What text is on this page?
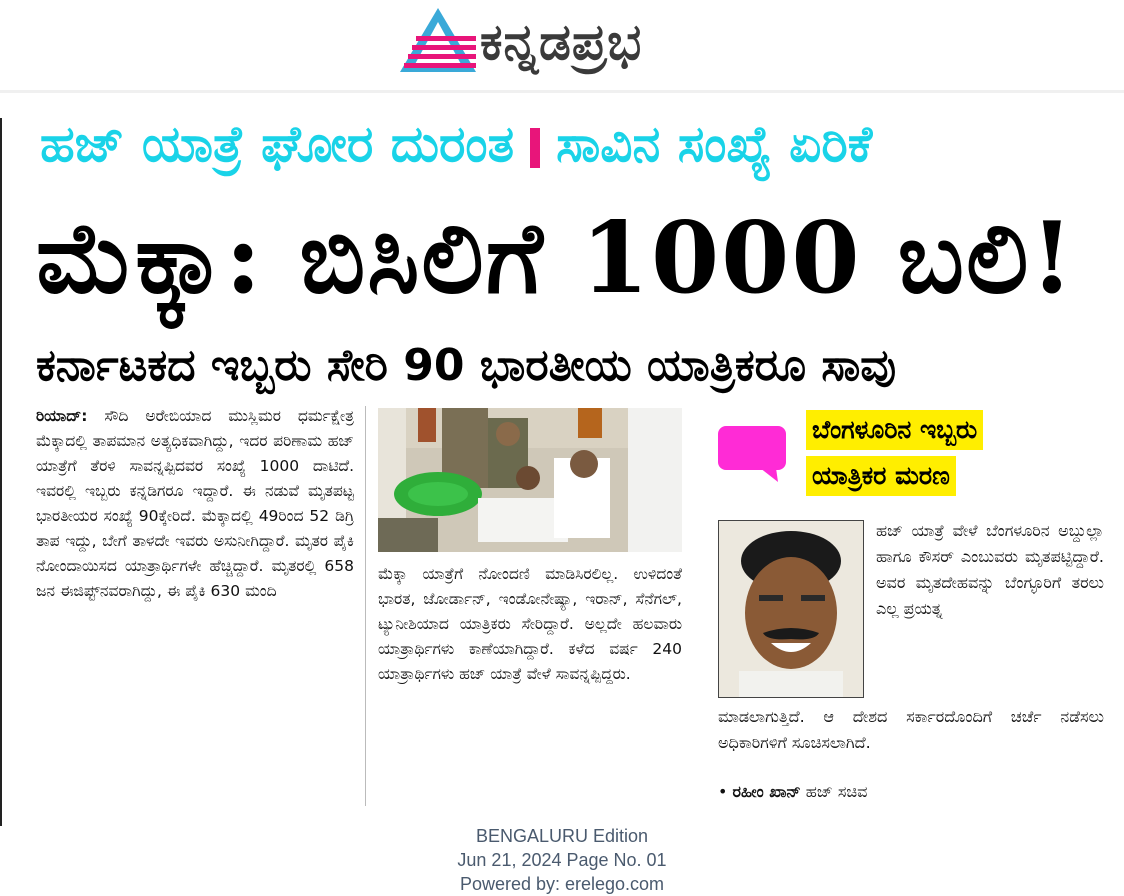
ಕನ್ನಡಪ್ರಭ
ಹಜ್ ಯಾತ್ರೆ ಘೋರ ದುರಂತ ಸಾವಿನ ಸಂಖ್ಯೆ ಏರಿಕೆ
ಮೆಕ್ಕಾ: ಬಿಸಿಲಿಗೆ 1000 ಬಲಿ!
ಕರ್ನಾಟಕದ ಇಬ್ಬರು ಸೇರಿ 90 ಭಾರತೀಯ ಯಾತ್ರಿಕರೂ ಸಾವು
ರಿಯಾದ್: ಸೌದಿ ಅರೇಬಿಯಾದ ಮುಸ್ಲಿಮರ ಧರ್ಮಕ್ಷೇತ್ರ ಮೆಕ್ಕಾದಲ್ಲಿ ತಾಪಮಾನ ಅತ್ಯಧಿಕವಾಗಿದ್ದು, ಇದರ ಪರಿಣಾಮ ಹಜ್ ಯಾತ್ರೆಗೆ ತೆರಳಿ ಸಾವನ್ನಪ್ಪಿದವರ ಸಂಖ್ಯೆ 1000 ದಾಟಿದೆ. ಇವರಲ್ಲಿ ಇಬ್ಬರು ಕನ್ನಡಿಗರೂ ಇದ್ದಾರೆ. ಈ ನಡುವೆ ಮೃತಪಟ್ಟ ಭಾರತೀಯರ ಸಂಖ್ಯೆ 90ಕ್ಕೇರಿದೆ. ಮೆಕ್ಕಾದಲ್ಲಿ 49ರಿಂದ 52 ಡಿಗ್ರಿ ತಾಪ ಇದ್ದು, ಬೇಗೆ ತಾಳದೇ ಇವರು ಅಸುನೀಗಿದ್ದಾರೆ. ಮೃತರ ಪೈಕಿ ನೋಂದಾಯಿಸದ ಯಾತ್ರಾರ್ಥಿಗಳೇ ಹೆಚ್ಚಿದ್ದಾರೆ. ಮೃತರಲ್ಲಿ 658 ಜನ ಈಜಿಪ್ಟ್‌ನವರಾಗಿದ್ದು, ಈ ಪೈಕಿ 630 ಮಂದಿ
ಮೆಕ್ಕಾ ಯಾತ್ರೆಗೆ ನೋಂದಣಿ ಮಾಡಿಸಿರಲಿಲ್ಲ. ಉಳಿದಂತೆ ಭಾರತ, ಜೋರ್ಡಾನ್, ಇಂಡೋನೇಷ್ಯಾ, ಇರಾನ್, ಸೆನೆಗಲ್, ಟ್ಯುನೀಶಿಯಾದ ಯಾತ್ರಿಕರು ಸೇರಿದ್ದಾರೆ. ಅಲ್ಲದೇ ಹಲವಾರು ಯಾತ್ರಾರ್ಥಿಗಳು ಕಾಣೆಯಾಗಿದ್ದಾರೆ. ಕಳೆದ ವರ್ಷ 240 ಯಾತ್ರಾರ್ಥಿಗಳು ಹಜ್ ಯಾತ್ರೆ ವೇಳೆ ಸಾವನ್ನಪ್ಪಿದ್ದರು.
ಬೆಂಗಳೂರಿನ ಇಬ್ಬರು
ಯಾತ್ರಿಕರ ಮರಣ
ಹಜ್ ಯಾತ್ರೆ ವೇಳೆ ಬೆಂಗಳೂರಿನ ಅಬ್ದುಲ್ಲಾ ಹಾಗೂ ಕೌಸರ್ ಎಂಬುವರು ಮೃತಪಟ್ಟಿದ್ದಾರೆ. ಅವರ ಮೃತದೇಹವನ್ನು ಬೆಂಗ್ಳೂರಿಗೆ ತರಲು ಎಲ್ಲ ಪ್ರಯತ್ನ
ಮಾಡಲಾಗುತ್ತಿದೆ. ಆ ದೇಶದ ಸರ್ಕಾರದೊಂದಿಗೆ ಚರ್ಚೆ ನಡೆಸಲು ಅಧಿಕಾರಿಗಳಿಗೆ ಸೂಚಿಸಲಾಗಿದೆ.
• ರಹೀಂ ಖಾನ್ ಹಜ್ ಸಚಿವ
BENGALURU Edition
Jun 21, 2024 Page No. 01
Powered by: erelego.com
